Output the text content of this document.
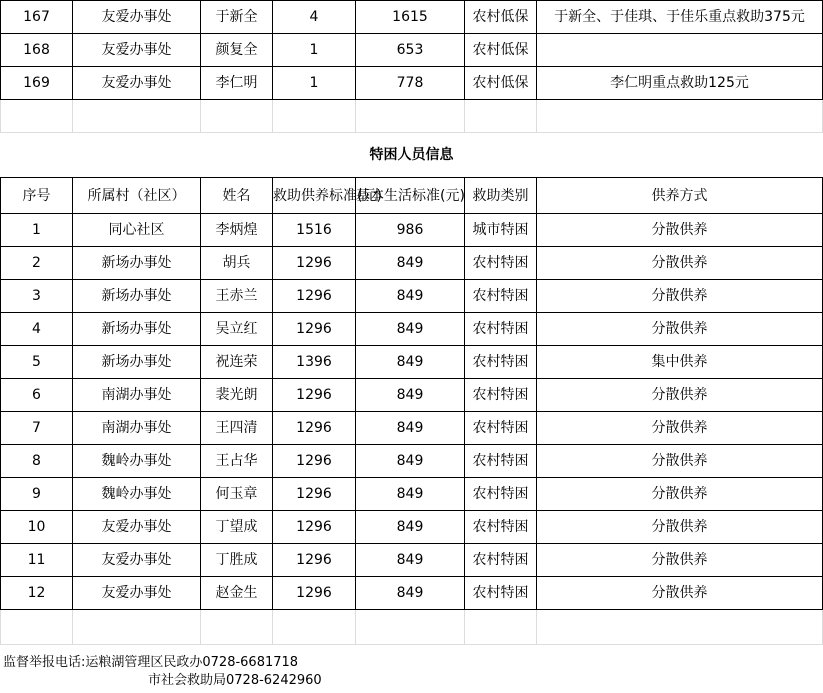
167	友爱办事处	于新全	4	1615	农村低保	于新全、于佳琪、于佳乐重点救助375元
168	友爱办事处	颜复全	1	653	农村低保	
169	友爱办事处	李仁明	1	778	农村低保	李仁明重点救助125元

特困人员信息						
序号	所属村（社区）	姓名	救助供养标准(元)	基本生活标准(元)	救助类别	供养方式
1	同心社区	李炳煌	1516	986	城市特困	分散供养
2	新场办事处	胡兵	1296	849	农村特困	分散供养
3	新场办事处	王赤兰	1296	849	农村特困	分散供养
4	新场办事处	吴立红	1296	849	农村特困	分散供养
5	新场办事处	祝连荣	1396	849	农村特困	集中供养
6	南湖办事处	裴光朗	1296	849	农村特困	分散供养
7	南湖办事处	王四清	1296	849	农村特困	分散供养
8	魏岭办事处	王占华	1296	849	农村特困	分散供养
9	魏岭办事处	何玉章	1296	849	农村特困	分散供养
10	友爱办事处	丁望成	1296	849	农村特困	分散供养
11	友爱办事处	丁胜成	1296	849	农村特困	分散供养
12	友爱办事处	赵金生	1296	849	农村特困	分散供养

监督举报电话:运粮湖管理区民政办0728-6681718
市社会救助局0728-6242960
